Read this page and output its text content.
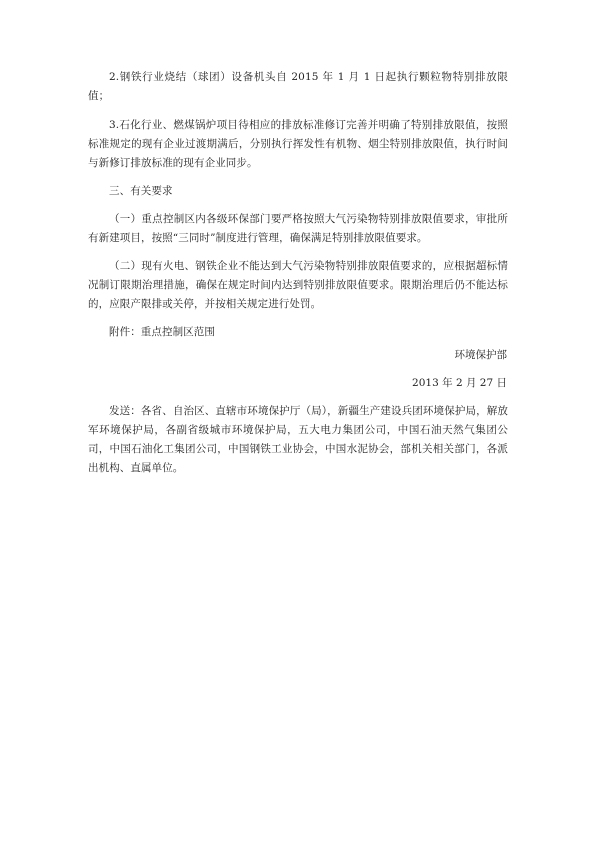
2.钢铁行业烧结（球团）设备机头自 2015 年 1 月 1 日起执行颗粒物特别排放限值；

3.石化行业、燃煤锅炉项目待相应的排放标准修订完善并明确了特别排放限值，按照标准规定的现有企业过渡期满后，分别执行挥发性有机物、烟尘特别排放限值，执行时间与新修订排放标准的现有企业同步。

三、有关要求

（一）重点控制区内各级环保部门要严格按照大气污染物特别排放限值要求，审批所有新建项目，按照“三同时”制度进行管理，确保满足特别排放限值要求。

（二）现有火电、钢铁企业不能达到大气污染物特别排放限值要求的，应根据超标情况制订限期治理措施，确保在规定时间内达到特别排放限值要求。限期治理后仍不能达标的，应限产限排或关停，并按相关规定进行处罚。

附件：重点控制区范围

环境保护部

2013 年 2 月 27 日

发送：各省、自治区、直辖市环境保护厅（局），新疆生产建设兵团环境保护局，解放军环境保护局，各副省级城市环境保护局，五大电力集团公司，中国石油天然气集团公司，中国石油化工集团公司，中国钢铁工业协会，中国水泥协会，部机关相关部门，各派出机构、直属单位。
